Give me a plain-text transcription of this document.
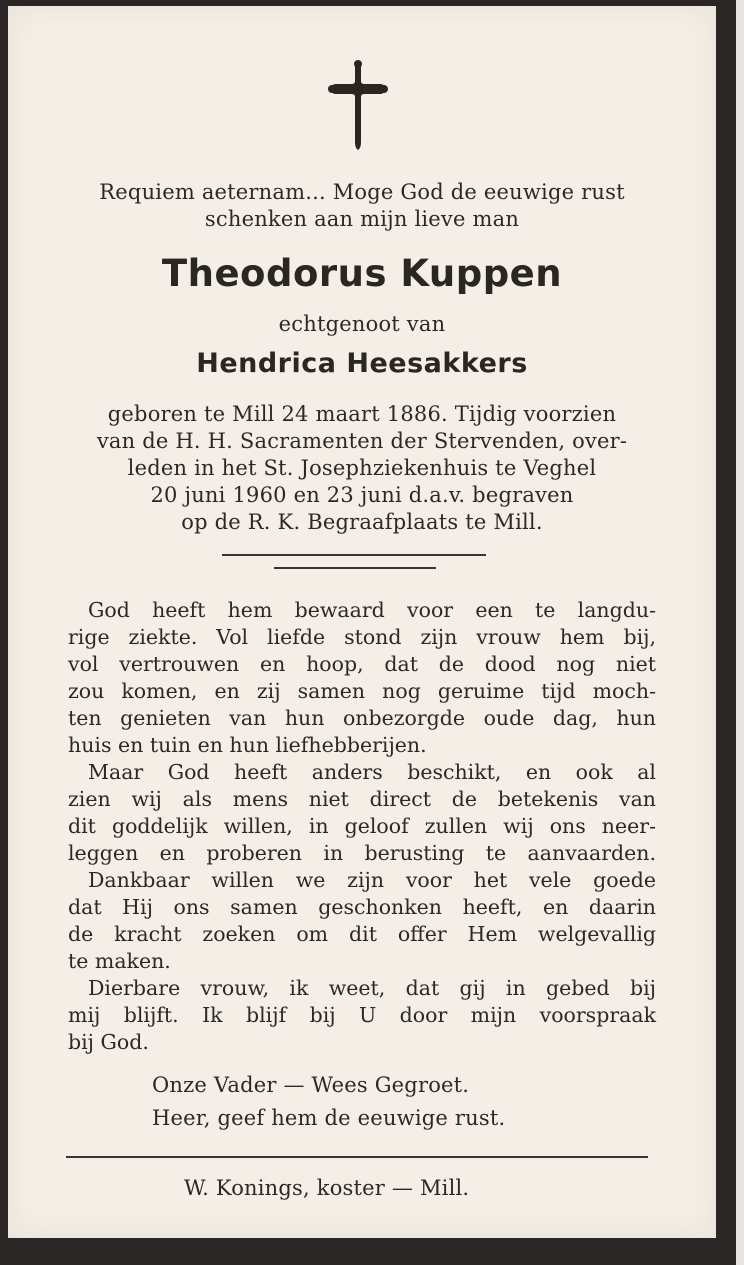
Requiem aeternam... Moge God de eeuwige rust
schenken aan mijn lieve man
Theodorus Kuppen
echtgenoot van
Hendrica Heesakkers
geboren te Mill 24 maart 1886. Tijdig voorzien
van de H. H. Sacramenten der Stervenden, over-
leden in het St. Josephziekenhuis te Veghel
20 juni 1960 en 23 juni d.a.v. begraven
op de R. K. Begraafplaats te Mill.
God heeft hem bewaard voor een te langdu-
rige ziekte. Vol liefde stond zijn vrouw hem bij,
vol vertrouwen en hoop, dat de dood nog niet
zou komen, en zij samen nog geruime tijd moch-
ten genieten van hun onbezorgde oude dag, hun
huis en tuin en hun liefhebberijen.
Maar God heeft anders beschikt, en ook al
zien wij als mens niet direct de betekenis van
dit goddelijk willen, in geloof zullen wij ons neer-
leggen en proberen in berusting te aanvaarden.
Dankbaar willen we zijn voor het vele goede
dat Hij ons samen geschonken heeft, en daarin
de kracht zoeken om dit offer Hem welgevallig
te maken.
Dierbare vrouw, ik weet, dat gij in gebed bij
mij blijft. Ik blijf bij U door mijn voorspraak
bij God.
Onze Vader — Wees Gegroet.
Heer, geef hem de eeuwige rust.
W. Konings, koster — Mill.
